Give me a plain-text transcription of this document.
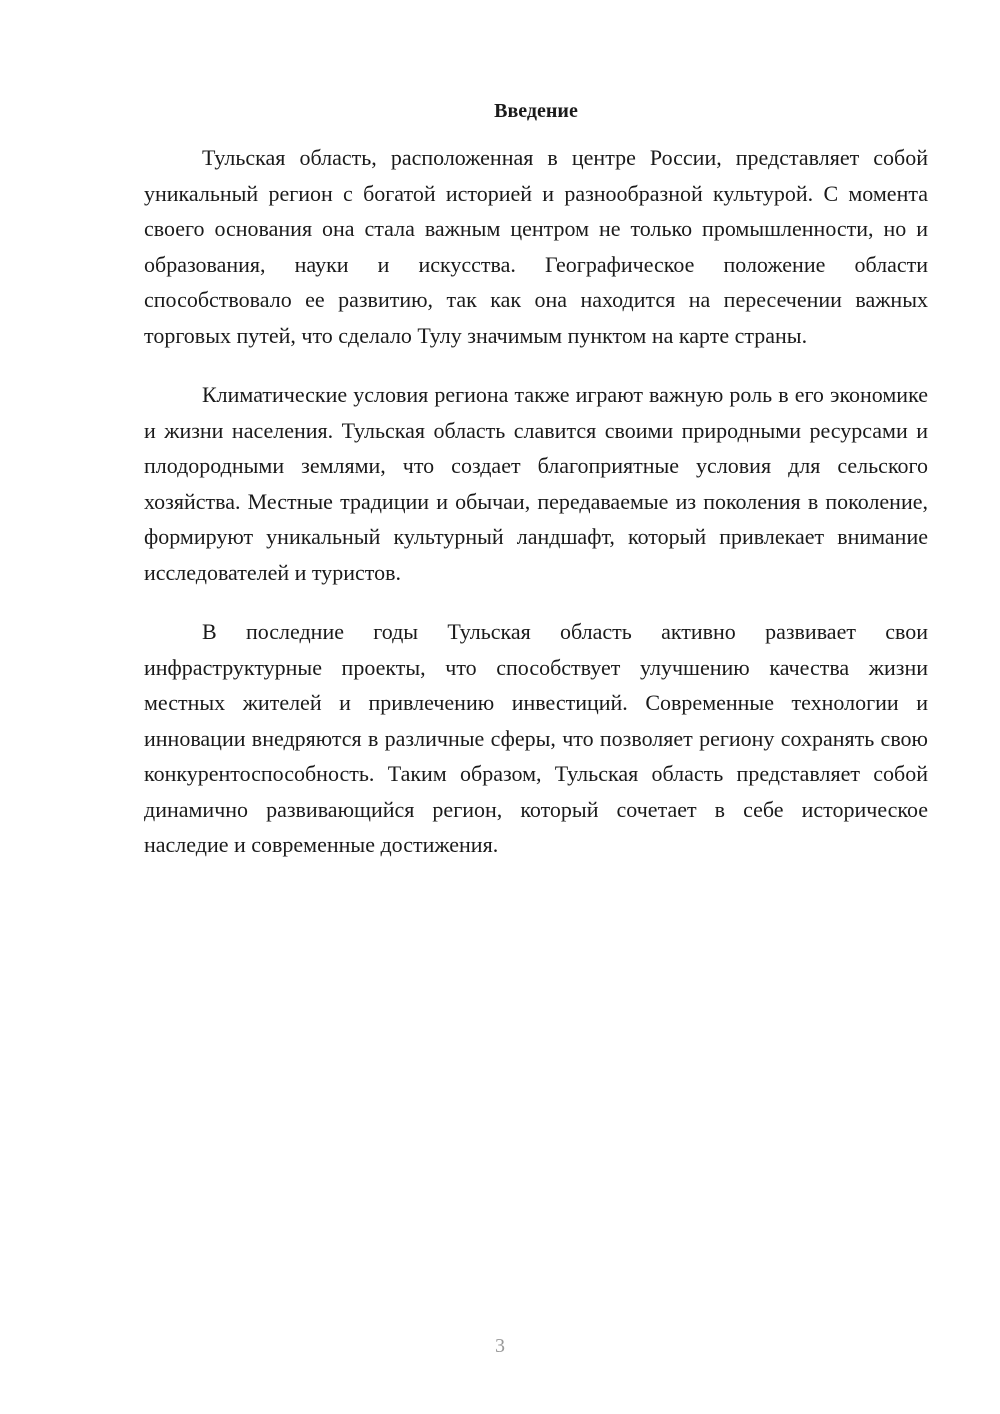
Введение

Тульская область, расположенная в центре России, представляет собой уникальный регион с богатой историей и разнообразной культурой. С момента своего основания она стала важным центром не только промышленности, но и образования, науки и искусства. Географическое положение области способствовало ее развитию, так как она находится на пересечении важных торговых путей, что сделало Тулу значимым пунктом на карте страны.

Климатические условия региона также играют важную роль в его экономике и жизни населения. Тульская область славится своими природными ресурсами и плодородными землями, что создает благоприятные условия для сельского хозяйства. Местные традиции и обычаи, передаваемые из поколения в поколение, формируют уникальный культурный ландшафт, который привлекает внимание исследователей и туристов.

В последние годы Тульская область активно развивает свои инфраструктурные проекты, что способствует улучшению качества жизни местных жителей и привлечению инвестиций. Современные технологии и инновации внедряются в различные сферы, что позволяет региону сохранять свою конкурентоспособность. Таким образом, Тульская область представляет собой динамично развивающийся регион, который сочетает в себе историческое наследие и современные достижения.

3
